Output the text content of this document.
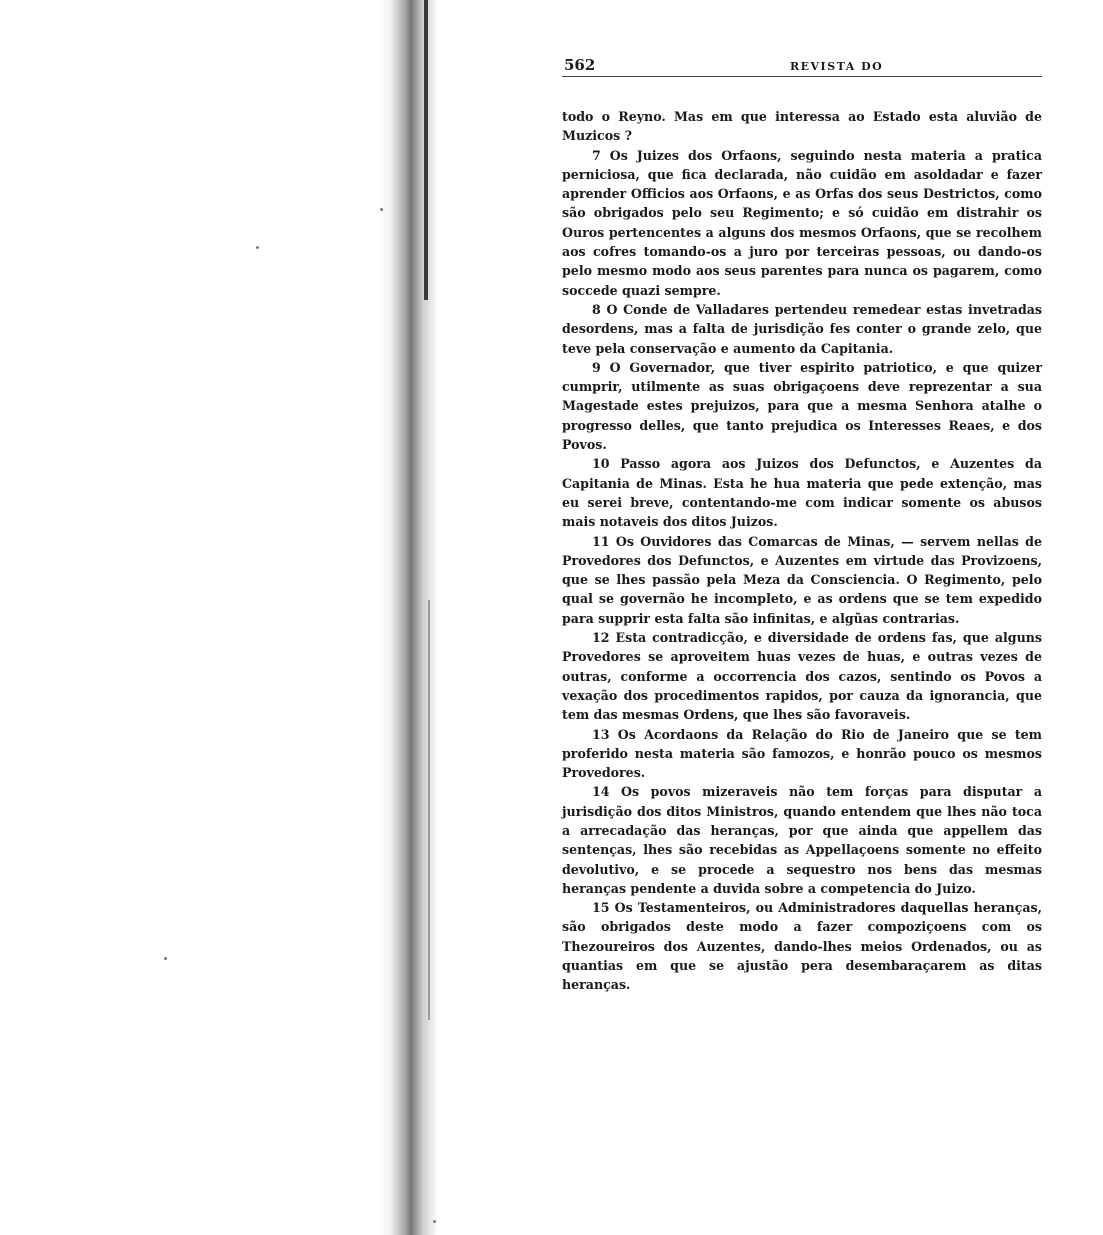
562	REVISTA DO

todo o Reyno. Mas em que interessa ao Estado esta aluvião de Muzicos ?

7 Os Juizes dos Orfaons, seguindo nesta materia a pratica perniciosa, que fica declarada, não cuidão em asoldadar e fazer aprender Officios aos Orfaons, e as Orfas dos seus Destrictos, como são obrigados pelo seu Regimento; e só cuidão em distrahir os Ouros pertencentes a alguns dos mesmos Orfaons, que se recolhem aos cofres tomando-os a juro por terceiras pessoas, ou dando-os pelo mesmo modo aos seus parentes para nunca os pagarem, como soccede quazi sempre.

8 O Conde de Valladares pertendeu remedear estas invetradas desordens, mas a falta de jurisdição fes conter o grande zelo, que teve pela conservação e aumento da Capitania.

9 O Governador, que tiver espirito patriotico, e que quizer cumprir, utilmente as suas obrigaçoens deve reprezentar a sua Magestade estes prejuizos, para que a mesma Senhora atalhe o progresso delles, que tanto prejudica os Interesses Reaes, e dos Povos.

10 Passo agora aos Juizos dos Defunctos, e Auzentes da Capitania de Minas. Esta he hua materia que pede extenção, mas eu serei breve, contentando-me com indicar somente os abusos mais notaveis dos ditos Juizos.

11 Os Ouvidores das Comarcas de Minas, — servem nellas de Provedores dos Defunctos, e Auzentes em virtude das Provizoens, que se lhes passão pela Meza da Consciencia. O Regimento, pelo qual se governão he incompleto, e as ordens que se tem expedido para supprir esta falta são infinitas, e algũas contrarias.

12 Esta contradicção, e diversidade de ordens fas, que alguns Provedores se aproveitem huas vezes de huas, e outras vezes de outras, conforme a occorrencia dos cazos, sentindo os Povos a vexação dos procedimentos rapidos, por cauza da ignorancia, que tem das mesmas Ordens, que lhes são favoraveis.

13 Os Acordaons da Relação do Rio de Janeiro que se tem proferido nesta materia são famozos, e honrão pouco os mesmos Provedores.

14 Os povos mizeraveis não tem forças para disputar a jurisdição dos ditos Ministros, quando entendem que lhes não toca a arrecadação das heranças, por que ainda que appellem das sentenças, lhes são recebidas as Appellaçoens somente no effeito devolutivo, e se procede a sequestro nos bens das mesmas heranças pendente a duvida sobre a competencia do Juizo.

15 Os Testamenteiros, ou Administradores daquellas heranças, são obrigados deste modo a fazer compoziçoens com os Thezoureiros dos Auzentes, dando-lhes meios Ordenados, ou as quantias em que se ajustão pera desembaraçarem as ditas heranças.
